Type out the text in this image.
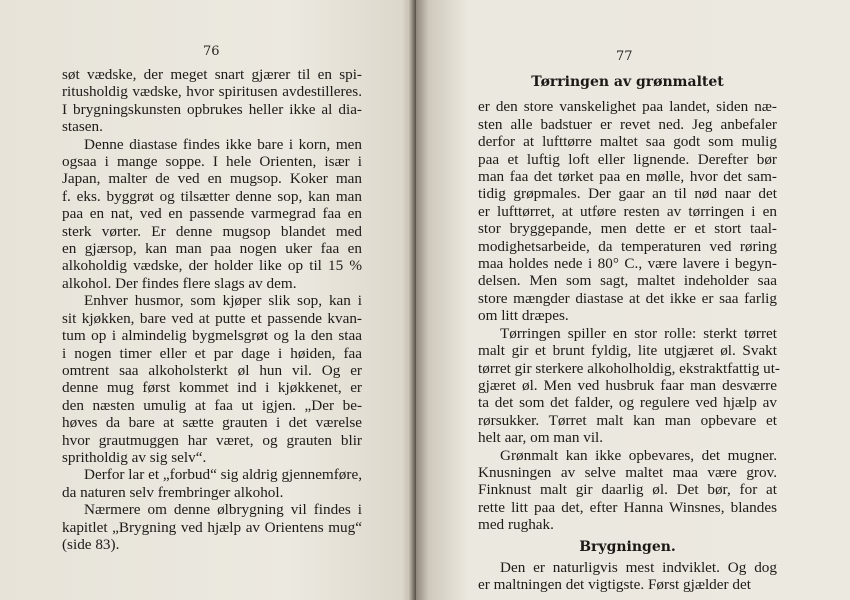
76

søt vædske, der meget snart gjærer til en spi-
ritusholdig vædske, hvor spiritusen avdestilleres.
I brygningskunsten opbrukes heller ikke al dia-
stasen.

Denne diastase findes ikke bare i korn, men
ogsaa i mange soppe. I hele Orienten, især i
Japan, malter de ved en mugsop. Koker man
f. eks. byggrøt og tilsætter denne sop, kan man
paa en nat, ved en passende varmegrad faa en
sterk vørter. Er denne mugsop blandet med
en gjærsop, kan man paa nogen uker faa en
alkoholdig vædske, der holder like op til 15 %
alkohol. Der findes flere slags av dem.

Enhver husmor, som kjøper slik sop, kan i
sit kjøkken, bare ved at putte et passende kvan-
tum op i almindelig bygmelsgrøt og la den staa
i nogen timer eller et par dage i høiden, faa
omtrent saa alkoholsterkt øl hun vil. Og er
denne mug først kommet ind i kjøkkenet, er
den næsten umulig at faa ut igjen. „Der be-
høves da bare at sætte grauten i det værelse
hvor grautmuggen har været, og grauten blir
spritholdig av sig selv“.

Derfor lar et „forbud“ sig aldrig gjennemføre,
da naturen selv frembringer alkohol.

Nærmere om denne ølbrygning vil findes i
kapitlet „Brygning ved hjælp av Orientens mug“
(side 83).

77
Tørringen av grønmaltet

er den store vanskelighet paa landet, siden næ-
sten alle badstuer er revet ned. Jeg anbefaler
derfor at lufttørre maltet saa godt som mulig
paa et luftig loft eller lignende. Derefter bør
man faa det tørket paa en mølle, hvor det sam-
tidig grøpmales. Der gaar an til nød naar det
er lufttørret, at utføre resten av tørringen i en
stor bryggepande, men dette er et stort taal-
modighetsarbeide, da temperaturen ved røring
maa holdes nede i 80° C., være lavere i begyn-
delsen. Men som sagt, maltet indeholder saa
store mængder diastase at det ikke er saa farlig
om litt dræpes.

Tørringen spiller en stor rolle: sterkt tørret
malt gir et brunt fyldig, lite utgjæret øl. Svakt
tørret gir sterkere alkoholholdig, ekstraktfattig ut-
gjæret øl. Men ved husbruk faar man desværre
ta det som det falder, og regulere ved hjælp av
rørsukker. Tørret malt kan man opbevare et
helt aar, om man vil.

Grønmalt kan ikke opbevares, det mugner.
Knusningen av selve maltet maa være grov.
Finknust malt gir daarlig øl. Det bør, for at
rette litt paa det, efter Hanna Winsnes, blandes
med rughak.

Brygningen.

Den er naturligvis mest indviklet. Og dog
er maltningen det vigtigste. Først gjælder det
